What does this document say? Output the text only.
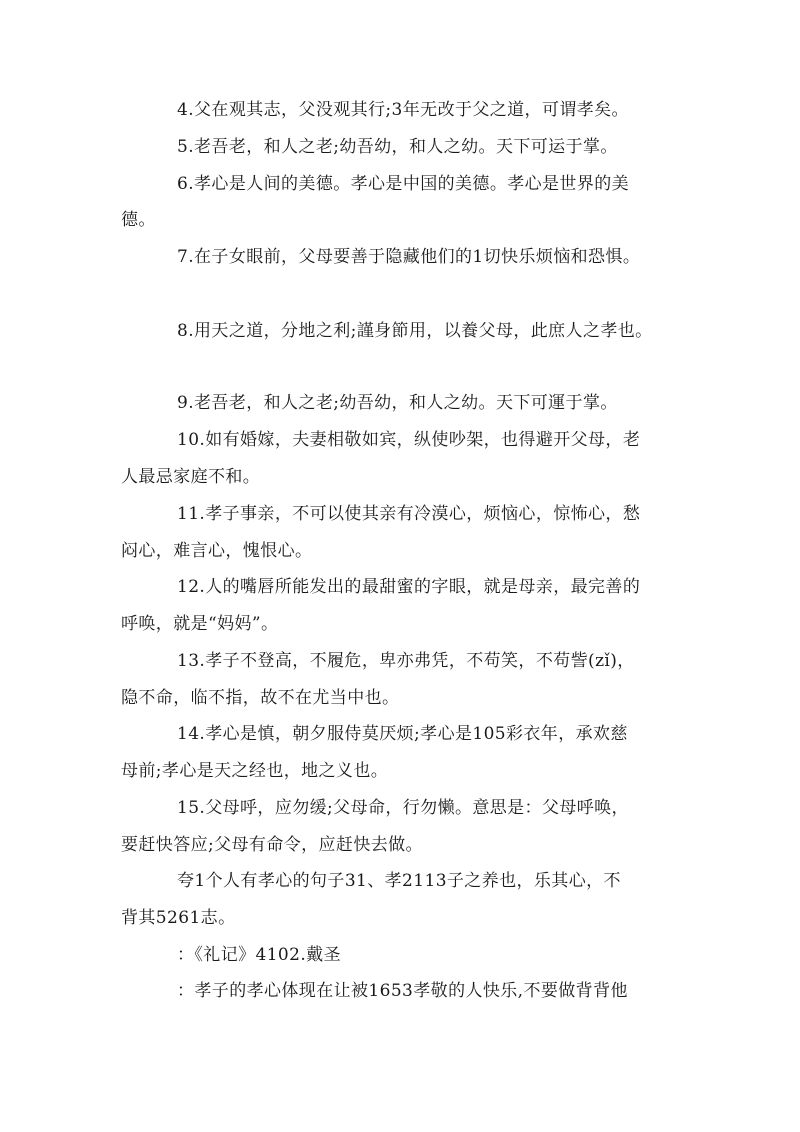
4.父在观其志，父没观其行;3年无改于父之道，可谓孝矣。
5.老吾老，和人之老;幼吾幼，和人之幼。天下可运于掌。
6.孝心是人间的美德。孝心是中国的美德。孝心是世界的美
德。
7.在子女眼前，父母要善于隐藏他们的1切快乐烦恼和恐惧。
8.用天之道，分地之利;謹身節用，以養父母，此庶人之孝也。
9.老吾老，和人之老;幼吾幼，和人之幼。天下可運于掌。
10.如有婚嫁，夫妻相敬如宾，纵使吵架，也得避开父母，老
人最忌家庭不和。
11.孝子事亲，不可以使其亲有冷漠心，烦恼心，惊怖心，愁
闷心，难言心，愧恨心。
12.人的嘴唇所能发出的最甜蜜的字眼，就是母亲，最完善的
呼唤，就是“妈妈”。
13.孝子不登高，不履危，卑亦弗凭，不苟笑，不苟訾(zǐ)，
隐不命，临不指，故不在尤当中也。
14.孝心是慎，朝夕服侍莫厌烦;孝心是105彩衣年，承欢慈
母前;孝心是天之经也，地之义也。
15.父母呼，应勿缓;父母命，行勿懒。意思是：父母呼唤，
要赶快答应;父母有命令，应赶快去做。
夸1个人有孝心的句子31、孝2113子之养也，乐其心，不
背其5261志。
：《礼记》4102.戴圣
：孝子的孝心体现在让被1653孝敬的人快乐,不要做背背他
